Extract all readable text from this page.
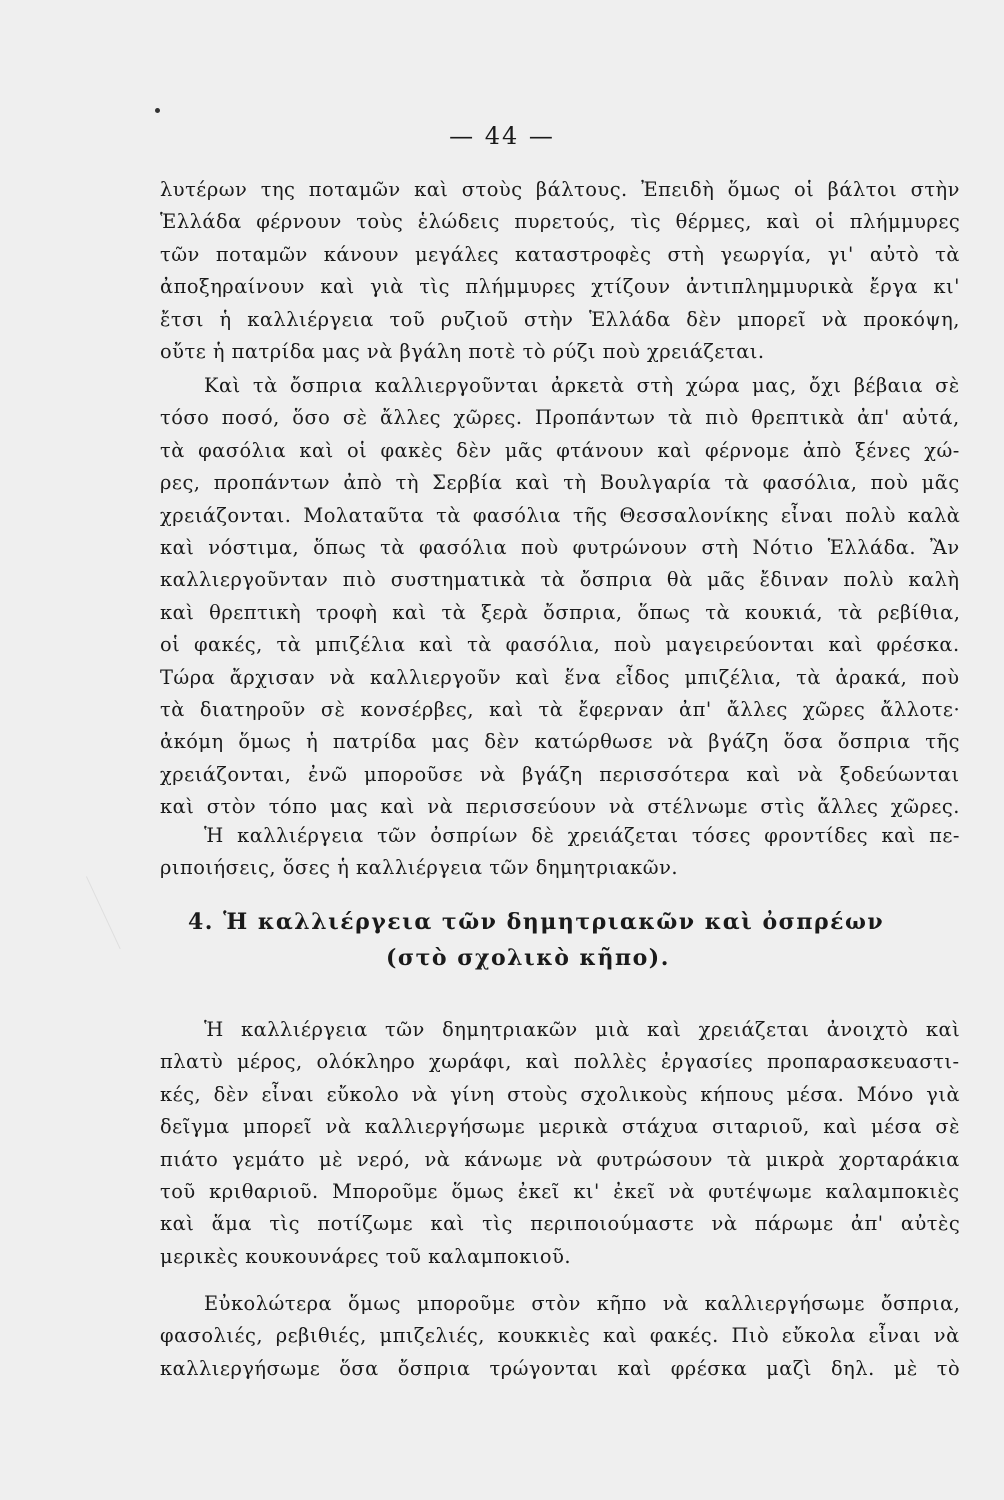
— 44 —

λυτέρων της ποταμῶν καὶ στοὺς βάλτους. Ἐπειδὴ ὅμως οἱ βάλτοι στὴν
Ἑλλάδα φέρνουν τοὺς ἑλώδεις πυρετούς, τὶς θέρμες, καὶ οἱ πλήμμυρες
τῶν ποταμῶν κάνουν μεγάλες καταστροφὲς στὴ γεωργία, γι' αὐτὸ τὰ
ἀποξηραίνουν καὶ γιὰ τὶς πλήμμυρες χτίζουν ἀντιπλημμυρικὰ ἔργα κι'
ἔτσι ἡ καλλιέργεια τοῦ ρυζιοῦ στὴν Ἑλλάδα δὲν μπορεῖ νὰ προκόψη,
οὔτε ἡ πατρίδα μας νὰ βγάλη ποτὲ τὸ ρύζι ποὺ χρειάζεται.

Καὶ τὰ ὄσπρια καλλιεργοῦνται ἀρκετὰ στὴ χώρα μας, ὄχι βέβαια σὲ
τόσο ποσό, ὅσο σὲ ἄλλες χῶρες. Προπάντων τὰ πιὸ θρεπτικὰ ἀπ' αὐτά,
τὰ φασόλια καὶ οἱ φακὲς δὲν μᾶς φτάνουν καὶ φέρνομε ἀπὸ ξένες χώ-
ρες, προπάντων ἀπὸ τὴ Σερβία καὶ τὴ Βουλγαρία τὰ φασόλια, ποὺ μᾶς
χρειάζονται. Μολαταῦτα τὰ φασόλια τῆς Θεσσαλονίκης εἶναι πολὺ καλὰ
καὶ νόστιμα, ὅπως τὰ φασόλια ποὺ φυτρώνουν στὴ Νότιο Ἑλλάδα. Ἂν
καλλιεργοῦνταν πιὸ συστηματικὰ τὰ ὄσπρια θὰ μᾶς ἔδιναν πολὺ καλὴ
καὶ θρεπτικὴ τροφὴ καὶ τὰ ξερὰ ὄσπρια, ὅπως τὰ κουκιά, τὰ ρεβίθια,
οἱ φακές, τὰ μπιζέλια καὶ τὰ φασόλια, ποὺ μαγειρεύονται καὶ φρέσκα.
Τώρα ἄρχισαν νὰ καλλιεργοῦν καὶ ἕνα εἶδος μπιζέλια, τὰ ἀρακά, ποὺ
τὰ διατηροῦν σὲ κονσέρβες, καὶ τὰ ἔφερναν ἀπ' ἄλλες χῶρες ἄλλοτε·
ἀκόμη ὅμως ἡ πατρίδα μας δὲν κατώρθωσε νὰ βγάζη ὅσα ὄσπρια τῆς
χρειάζονται, ἐνῶ μποροῦσε νὰ βγάζη περισσότερα καὶ νὰ ξοδεύωνται
καὶ στὸν τόπο μας καὶ νὰ περισσεύουν νὰ στέλνωμε στὶς ἄλλες χῶρες.

Ἡ καλλιέργεια τῶν ὀσπρίων δὲ χρειάζεται τόσες φροντίδες καὶ πε-
ριποιήσεις, ὅσες ἡ καλλιέργεια τῶν δημητριακῶν.

4. Ἡ καλλιέργεια τῶν δημητριακῶν καὶ ὀσπρέων
(στὸ σχολικὸ κῆπο).

Ἡ καλλιέργεια τῶν δημητριακῶν μιὰ καὶ χρειάζεται ἀνοιχτὸ καὶ
πλατὺ μέρος, ολόκληρο χωράφι, καὶ πολλὲς ἐργασίες προπαρασκευαστι-
κές, δὲν εἶναι εὔκολο νὰ γίνη στοὺς σχολικοὺς κήπους μέσα. Μόνο γιὰ
δεῖγμα μπορεῖ νὰ καλλιεργήσωμε μερικὰ στάχυα σιταριοῦ, καὶ μέσα σὲ
πιάτο γεμάτο μὲ νερό, νὰ κάνωμε νὰ φυτρώσουν τὰ μικρὰ χορταράκια
τοῦ κριθαριοῦ. Μποροῦμε ὅμως ἐκεῖ κι' ἐκεῖ νὰ φυτέψωμε καλαμποκιὲς
καὶ ἅμα τὶς ποτίζωμε καὶ τὶς περιποιούμαστε νὰ πάρωμε ἀπ' αὐτὲς
μερικὲς κουκουνάρες τοῦ καλαμποκιοῦ.

Εὐκολώτερα ὅμως μποροῦμε στὸν κῆπο νὰ καλλιεργήσωμε ὄσπρια,
φασολιές, ρεβιθιές, μπιζελιές, κουκκιὲς καὶ φακές. Πιὸ εὔκολα εἶναι νὰ
καλλιεργήσωμε ὅσα ὄσπρια τρώγονται καὶ φρέσκα μαζὶ δηλ. μὲ τὸ
